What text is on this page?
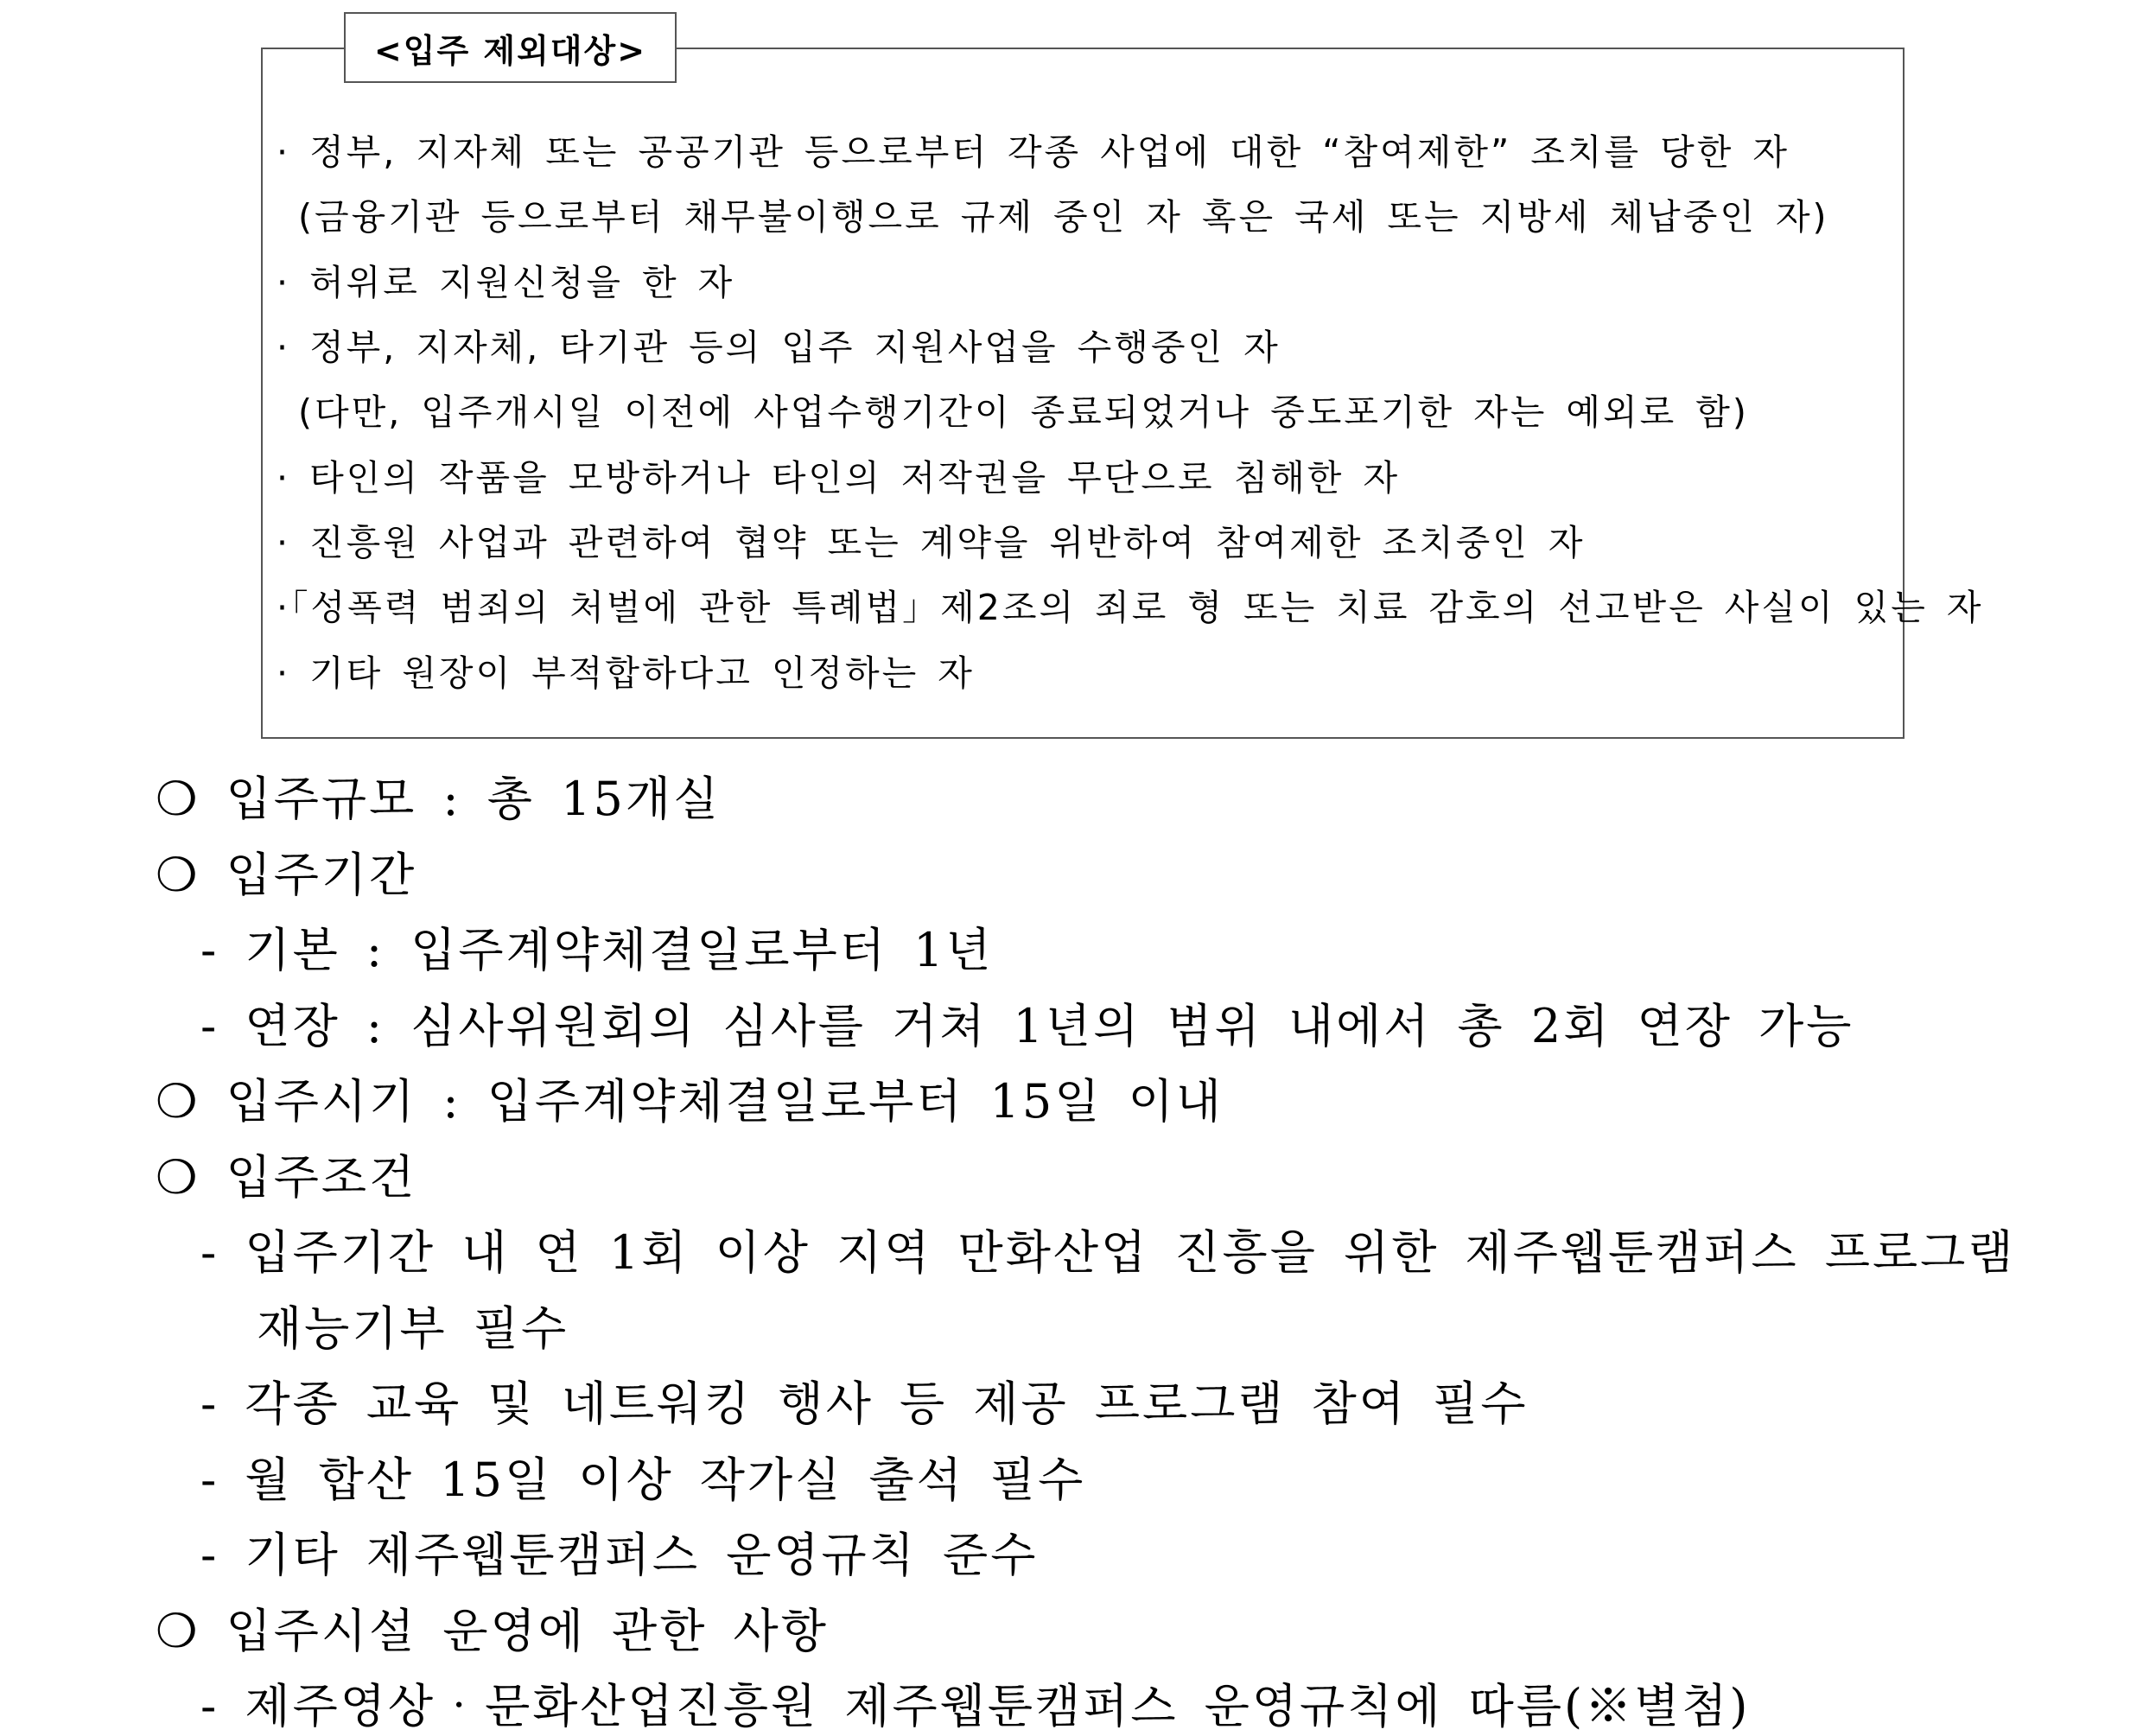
<입주 제외대상>
· 정부, 지자체 또는 공공기관 등으로부터 각종 사업에 대한 “참여제한” 조치를 당한 자
(금융기관 등으로부터 채무불이행으로 규제 중인 자 혹은 국세 또는 지방세 체납중인 자)
· 허위로 지원신청을 한 자
· 정부, 지자체, 타기관 등의 입주 지원사업을 수행중인 자
(다만, 입주개시일 이전에 사업수행기간이 종료되었거나 중도포기한 자는 예외로 함)
· 타인의 작품을 모방하거나 타인의 저작권을 무단으로 침해한 자
· 진흥원 사업과 관련하여 협약 또는 계약을 위반하여 참여제한 조치중인 자
·「성폭력 범죄의 처벌에 관한 특례법」제2조의 죄로 형 또는 치료 감호의 선고받은 사실이 있는 자
· 기타 원장이 부적합하다고 인정하는 자
❍ 입주규모 : 총 15개실
❍ 입주기간
- 기본 : 입주계약체결일로부터 1년
- 연장 : 심사위원회의 심사를 거쳐 1년의 범위 내에서 총 2회 연장 가능
❍ 입주시기 : 입주계약체결일로부터 15일 이내
❍ 입주조건
- 입주기간 내 연 1회 이상 지역 만화산업 진흥을 위한 제주웹툰캠퍼스 프로그램
재능기부 필수
- 각종 교육 및 네트워킹 행사 등 제공 프로그램 참여 필수
- 월 합산 15일 이상 작가실 출석 필수
- 기타 제주웹툰캠퍼스 운영규칙 준수
❍ 입주시설 운영에 관한 사항
- 제주영상‧문화산업진흥원 제주웹툰캠퍼스 운영규칙에 따름(※별첨)
